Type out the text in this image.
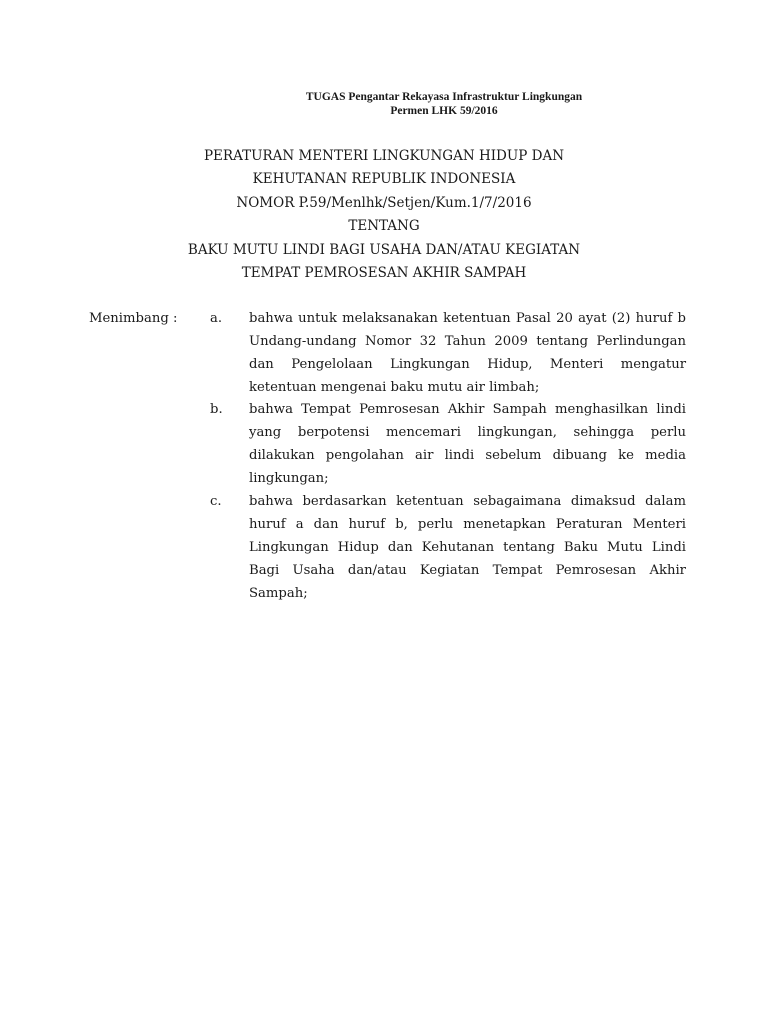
TUGAS Pengantar Rekayasa Infrastruktur Lingkungan
Permen LHK 59/2016
PERATURAN MENTERI LINGKUNGAN HIDUP DAN
KEHUTANAN REPUBLIK INDONESIA
NOMOR P.59/Menlhk/Setjen/Kum.1/7/2016
TENTANG
BAKU MUTU LINDI BAGI USAHA DAN/ATAU KEGIATAN
TEMPAT PEMROSESAN AKHIR SAMPAH
Menimbang : a. bahwa untuk melaksanakan ketentuan Pasal 20 ayat (2) huruf b Undang-undang Nomor 32 Tahun 2009 tentang Perlindungan dan Pengelolaan Lingkungan Hidup, Menteri mengatur ketentuan mengenai baku mutu air limbah;
b. bahwa Tempat Pemrosesan Akhir Sampah menghasilkan lindi yang berpotensi mencemari lingkungan, sehingga perlu dilakukan pengolahan air lindi sebelum dibuang ke media lingkungan;
c. bahwa berdasarkan ketentuan sebagaimana dimaksud dalam huruf a dan huruf b, perlu menetapkan Peraturan Menteri Lingkungan Hidup dan Kehutanan tentang Baku Mutu Lindi Bagi Usaha dan/atau Kegiatan Tempat Pemrosesan Akhir Sampah;
